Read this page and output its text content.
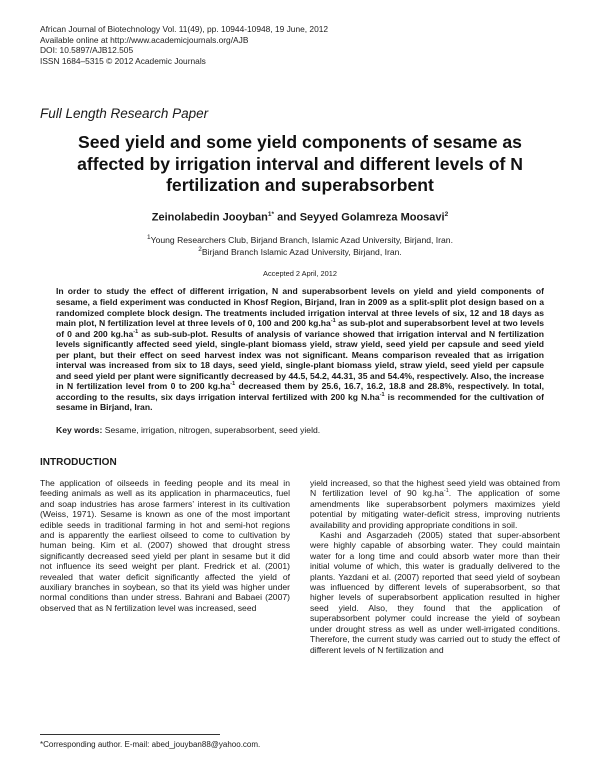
African Journal of Biotechnology Vol. 11(49), pp. 10944-10948, 19 June, 2012
Available online at http://www.academicjournals.org/AJB
DOI: 10.5897/AJB12.505
ISSN 1684–5315 © 2012 Academic Journals
Full Length Research Paper
Seed yield and some yield components of sesame as affected by irrigation interval and different levels of N fertilization and superabsorbent
Zeinolabedin Jooyban$^{1*}$ and Seyyed Golamreza Moosavi$^2$
$^1$Young Researchers Club, Birjand Branch, Islamic Azad University, Birjand, Iran.
$^2$Birjand Branch Islamic Azad University, Birjand, Iran.
Accepted 2 April, 2012
In order to study the effect of different irrigation, N and superabsorbent levels on yield and yield components of sesame, a field experiment was conducted in Khosf Region, Birjand, Iran in 2009 as a split-split plot design based on a randomized complete block design. The treatments included irrigation interval at three levels of six, 12 and 18 days as main plot, N fertilization level at three levels of 0, 100 and 200 $kg.ha^{-1}$ as sub-plot and superabsorbent level at two levels of 0 and 200 $kg.ha^{-1}$ as sub-sub-plot. Results of analysis of variance showed that irrigation interval and N fertilization levels significantly affected seed yield, single-plant biomass yield, straw yield, seed yield per capsule and seed yield per plant, but their effect on seed harvest index was not significant. Means comparison revealed that as irrigation interval was increased from six to 18 days, seed yield, single-plant biomass yield, straw yield, seed yield per capsule and seed yield per plant were significantly decreased by 44.5, 54.2, 44.31, 35 and 54.4%, respectively. Also, the increase in N fertilization level from 0 to 200 $kg.ha^{-1}$ decreased them by 25.6, 16.7, 16.2, 18.8 and 28.8%, respectively. In total, according to the results, six days irrigation interval fertilized with 200 kg $N.ha^{-1}$ is recommended for the cultivation of sesame in Birjand, Iran.
Key words: Sesame, irrigation, nitrogen, superabsorbent, seed yield.
INTRODUCTION

The application of oilseeds in feeding people and its meal in feeding animals as well as its application in pharmaceutics, fuel and soap industries has arose farmers’ interest in its cultivation (Weiss, 1971). Sesame is known as one of the most important edible seeds in traditional farming in hot and semi-hot regions and is apparently the earliest oilseed to come to cultivation by human being. Kim et al. (2007) showed that drought stress significantly decreased seed yield per plant in sesame but it did not influence its seed weight per plant. Fredrick et al. (2001) revealed that water deficit significantly affected the yield of auxiliary branches in soybean, so that its yield was higher under normal conditions than under stress. Bahrani and Babaei (2007) observed that as N fertilization level was increased, seed

yield increased, so that the highest seed yield was obtained from N fertilization level of 90 $kg.ha^{-1}$. The application of some amendments like superabsorbent polymers maximizes yield potential by mitigating water-deficit stress, improving nutrients availability and providing appropriate conditions in soil.

Kashi and Asgarzadeh (2005) stated that super-absorbent were highly capable of absorbing water. They could maintain water for a long time and could absorb water more than their initial volume of which, this water is gradually delivered to the plants. Yazdani et al. (2007) reported that seed yield of soybean was influenced by different levels of superabsorbent, so that higher levels of superabsorbent application resulted in higher seed yield. Also, they found that the application of superabsorbent polymer could increase the yield of soybean under drought stress as well as under well-irrigated conditions. Therefore, the current study was carried out to study the effect of different levels of N fertilization and

*Corresponding author. E-mail: abed_jouyban88@yahoo.com.
